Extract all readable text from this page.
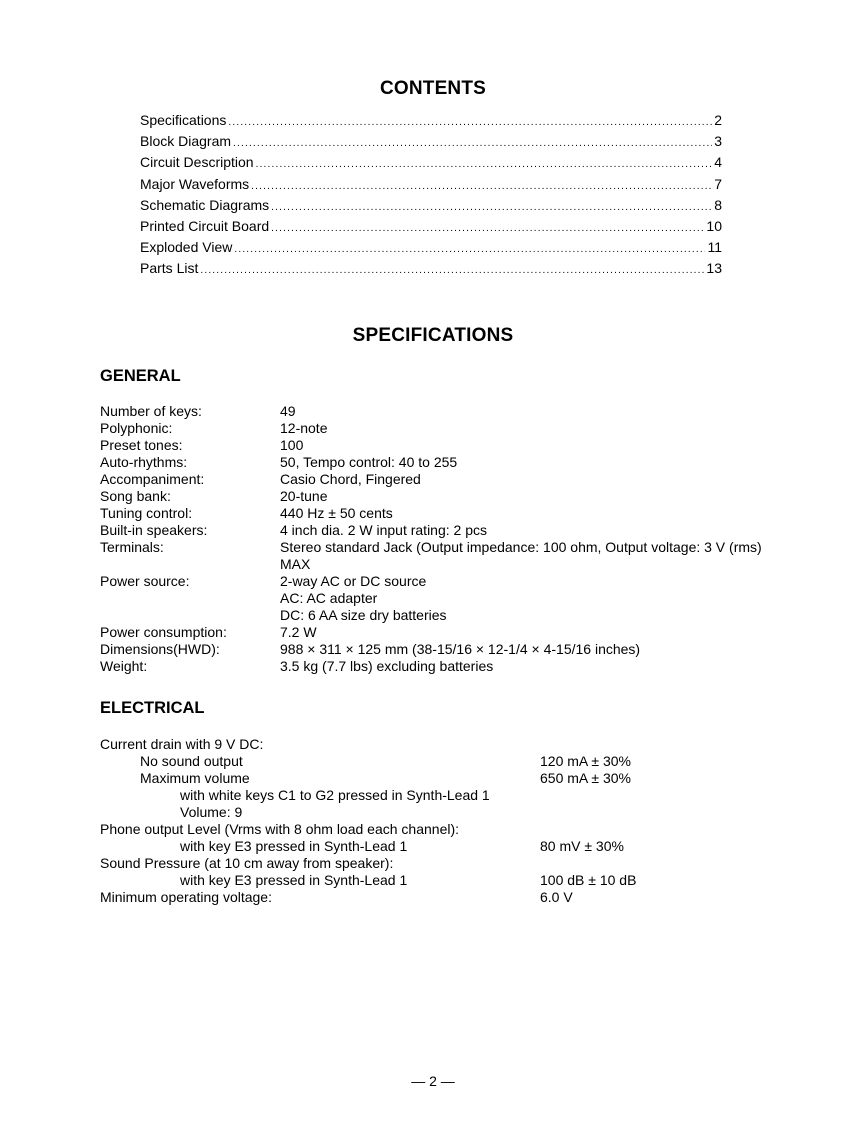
CONTENTS
Specifications .....	2
Block Diagram .....	3
Circuit Description .....	4
Major Waveforms .....	7
Schematic Diagrams .....	8
Printed Circuit Board .....	10
Exploded View .....	11
Parts List .....	13
SPECIFICATIONS
GENERAL
Number of keys:	49
Polyphonic:	12-note
Preset tones:	100
Auto-rhythms:	50, Tempo control: 40 to 255
Accompaniment:	Casio Chord, Fingered
Song bank:	20-tune
Tuning control:	440 Hz ± 50 cents
Built-in speakers:	4 inch dia. 2 W input rating: 2 pcs
Terminals:	Stereo standard Jack (Output impedance: 100 ohm, Output voltage: 3 V (rms)
MAX
Power source:	2-way AC or DC source
AC: AC adapter
DC: 6 AA size dry batteries
Power consumption:	7.2 W
Dimensions(HWD):	988 × 311 × 125 mm (38-15/16 × 12-1/4 × 4-15/16 inches)
Weight:	3.5 kg (7.7 lbs) excluding batteries
ELECTRICAL
Current drain with 9 V DC:
No sound output	120 mA ± 30%
Maximum volume	650 mA ± 30%
with white keys C1 to G2 pressed in Synth-Lead 1
Volume: 9
Phone output Level (Vrms with 8 ohm load each channel):
with key E3 pressed in Synth-Lead 1	80 mV ± 30%
Sound Pressure (at 10 cm away from speaker):
with key E3 pressed in Synth-Lead 1	100 dB ± 10 dB
Minimum operating voltage:	6.0 V
— 2 —
